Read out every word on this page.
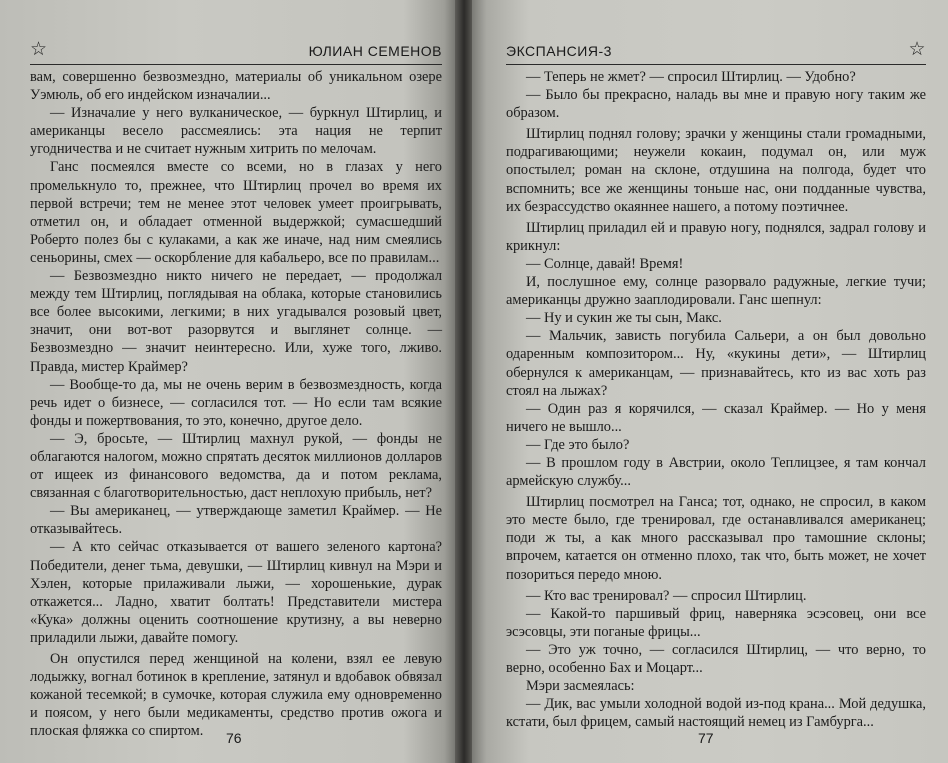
☆	ЮЛИАН СЕМЕНОВ

вам, совершенно безвозмездно, материалы об уникальном озере Уэмюль, об его индейском изначалии...

— Изначалие у него вулканическое, — буркнул Штирлиц, и американцы весело рассмеялись: эта нация не терпит угодничества и не считает нужным хитрить по мелочам.

Ганс посмеялся вместе со всеми, но в глазах у него промелькнуло то, прежнее, что Штирлиц прочел во время их первой встречи; тем не менее этот человек умеет проигрывать, отметил он, и обладает отменной выдержкой; сумасшедший Роберто полез бы с кулаками, а как же иначе, над ним смеялись сеньорины, смех — оскорбление для кабальеро, все по правилам...

— Безвозмездно никто ничего не передает, — продолжал между тем Штирлиц, поглядывая на облака, которые становились все более высокими, легкими; в них угадывался розовый цвет, значит, они вот-вот разорвутся и выглянет солнце. — Безвозмездно — значит неинтересно. Или, хуже того, лживо. Правда, мистер Краймер?

— Вообще-то да, мы не очень верим в безвозмездность, когда речь идет о бизнесе, — согласился тот. — Но если там всякие фонды и пожертвования, то это, конечно, другое дело.

— Э, бросьте, — Штирлиц махнул рукой, — фонды не облагаются налогом, можно спрятать десяток миллионов долларов от ищеек из финансового ведомства, да и потом реклама, связанная с благотворительностью, даст неплохую прибыль, нет?

— Вы американец, — утверждающе заметил Краймер. — Не отказывайтесь.

— А кто сейчас отказывается от вашего зеленого картона? Победители, денег тьма, девушки, — Штирлиц кивнул на Мэри и Хэлен, которые прилаживали лыжи, — хорошенькие, дурак откажется... Ладно, хватит болтать! Представители мистера «Кука» должны оценить соотношение крутизну, а вы неверно приладили лыжи, давайте помогу.

Он опустился перед женщиной на колени, взял ее левую лодыжку, вогнал ботинок в крепление, затянул и вдобавок обвязал кожаной тесемкой; в сумочке, которая служила ему одновременно и поясом, у него были медикаменты, средство против ожога и плоская фляжка со спиртом.	76
ЭКСПАНСИЯ-3	☆

— Теперь не жмет? — спросил Штирлиц. — Удобно?

— Было бы прекрасно, наладь вы мне и правую ногу таким же образом.

Штирлиц поднял голову; зрачки у женщины стали громадными, подрагивающими; неужели кокаин, подумал он, или муж опостылел; роман на склоне, отдушина на полгода, будет что вспомнить; все же женщины тоньше нас, они подданные чувства, их безрассудство окаяннее нашего, а потому поэтичнее.

Штирлиц приладил ей и правую ногу, поднялся, задрал голову и крикнул:

— Солнце, давай! Время!

И, послушное ему, солнце разорвало радужные, легкие тучи; американцы дружно зааплодировали. Ганс шепнул:

— Ну и сукин же ты сын, Макс.

— Мальчик, зависть погубила Сальери, а он был довольно одаренным композитором... Ну, «кукины дети», — Штирлиц обернулся к американцам, — признавайтесь, кто из вас хоть раз стоял на лыжах?

— Один раз я корячился, — сказал Краймер. — Но у меня ничего не вышло...

— Где это было?

— В прошлом году в Австрии, около Теплицзее, я там кончал армейскую службу...

Штирлиц посмотрел на Ганса; тот, однако, не спросил, в каком это месте было, где тренировал, где останавливался американец; поди ж ты, а как много рассказывал про тамошние склоны; впрочем, катается он отменно плохо, так что, быть может, не хочет позориться передо мною.

— Кто вас тренировал? — спросил Штирлиц.

— Какой-то паршивый фриц, наверняка эсэсовец, они все эсэсовцы, эти поганые фрицы...

— Это уж точно, — согласился Штирлиц, — что верно, то верно, особенно Бах и Моцарт...

Мэри засмеялась:

— Дик, вас умыли холодной водой из-под крана... Мой дедушка, кстати, был фрицем, самый настоящий немец из Гамбурга...

77
